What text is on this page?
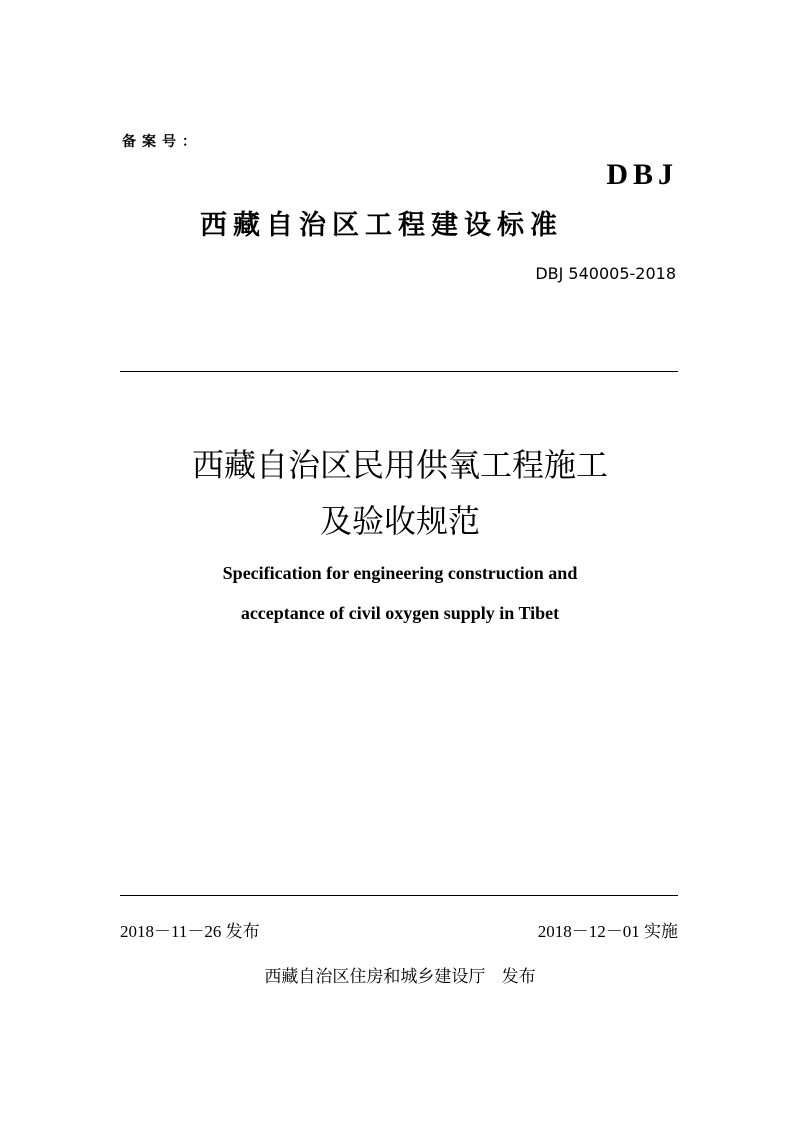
备案号：
DBJ
西藏自治区工程建设标准
DBJ 540005-2018
西藏自治区民用供氧工程施工
及验收规范
Specification for engineering construction and
acceptance of civil oxygen supply in Tibet
2018－11－26 发布	2018－12－01 实施
西藏自治区住房和城乡建设厅   发布
